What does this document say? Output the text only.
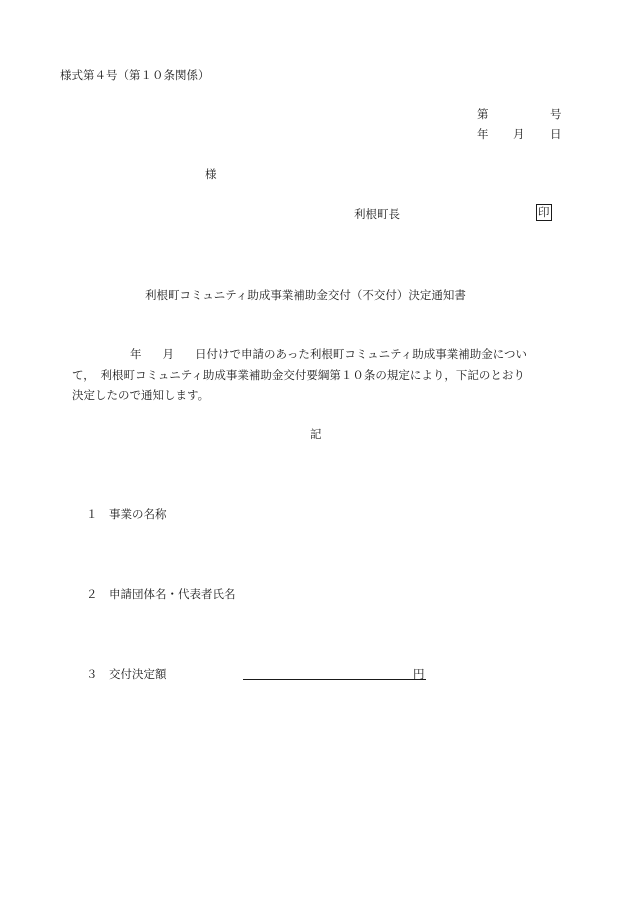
様式第４号（第１０条関係）
第	号
年 月 日
様
利根町長	印
利根町コミュニティ助成事業補助金交付（不交付）決定通知書
年 月 日付けで申請のあった利根町コミュニティ助成事業補助金につい
て，　利根町コミュニティ助成事業補助金交付要綱第１０条の規定により，下記のとおり
決定したので通知します。
記
１ 事業の名称
２ 申請団体名・代表者氏名
３ 交付決定額	円
